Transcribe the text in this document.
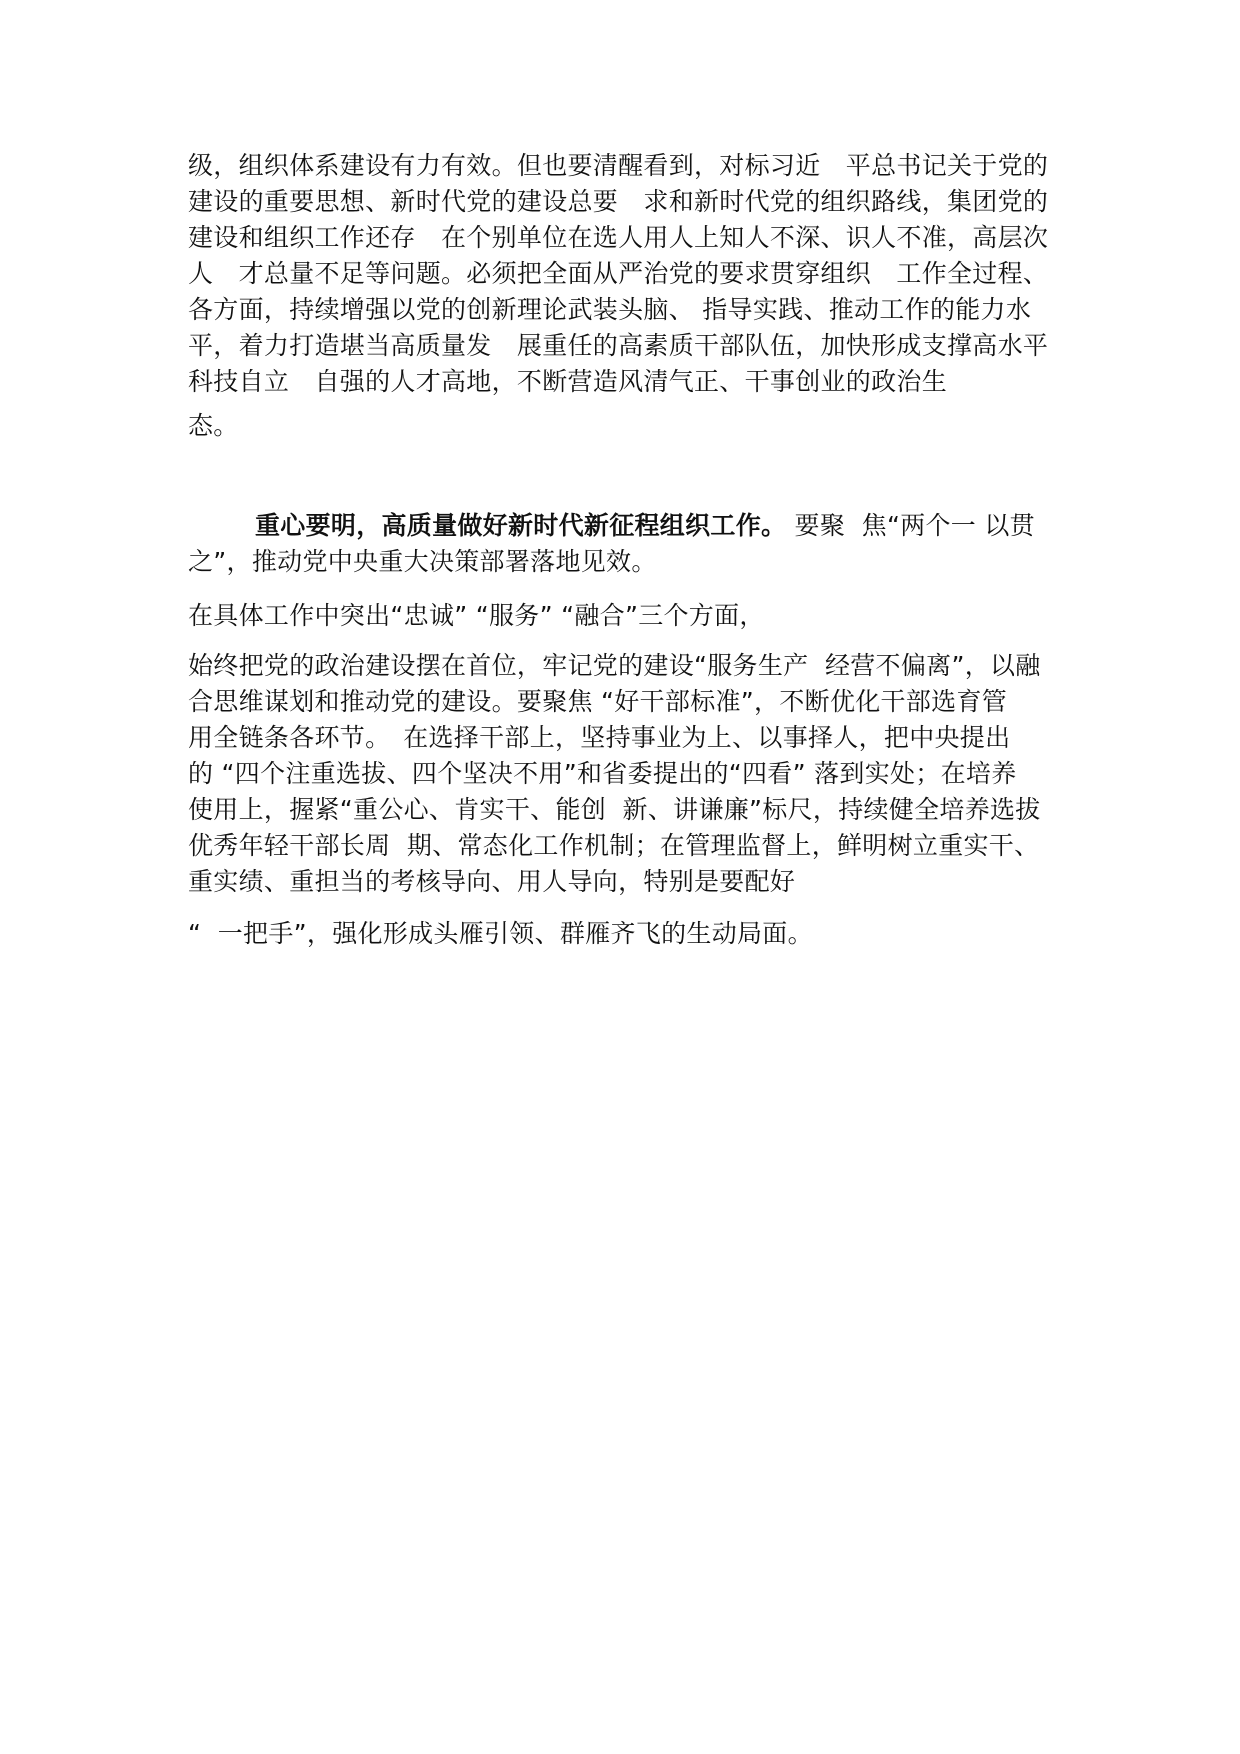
级，组织体系建设有力有效。但也要清醒看到，对标习近　平总书记关于党的
建设的重要思想、新时代党的建设总要　求和新时代党的组织路线，集团党的
建设和组织工作还存　在个别单位在选人用人上知人不深、识人不准，高层次
人　才总量不足等问题。必须把全面从严治党的要求贯穿组织　工作全过程、
各方面，持续增强以党的创新理论武装头脑、 指导实践、推动工作的能力水
平，着力打造堪当高质量发　展重任的高素质干部队伍，加快形成支撑高水平
科技自立　自强的人才高地，不断营造风清气正、干事创业的政治生
态。
重心要明，高质量做好新时代新征程组织工作。 要聚  焦“两个一 以贯
之”，推动党中央重大决策部署落地见效。
在具体工作中突出“忠诚” “服务” “融合”三个方面，
始终把党的政治建设摆在首位，牢记党的建设“服务生产  经营不偏离”，以融
合思维谋划和推动党的建设。要聚焦 “好干部标准”，不断优化干部选育管
用全链条各环节。　在选择干部上，坚持事业为上、以事择人，把中央提出
的 “四个注重选拔、四个坚决不用”和省委提出的“四看” 落到实处；在培养
使用上，握紧“重公心、肯实干、能创  新、讲谦廉”标尺，持续健全培养选拔
优秀年轻干部长周  期、常态化工作机制；在管理监督上，鲜明树立重实干、
重实绩、重担当的考核导向、用人导向，特别是要配好
“  一把手”，强化形成头雁引领、群雁齐飞的生动局面。
